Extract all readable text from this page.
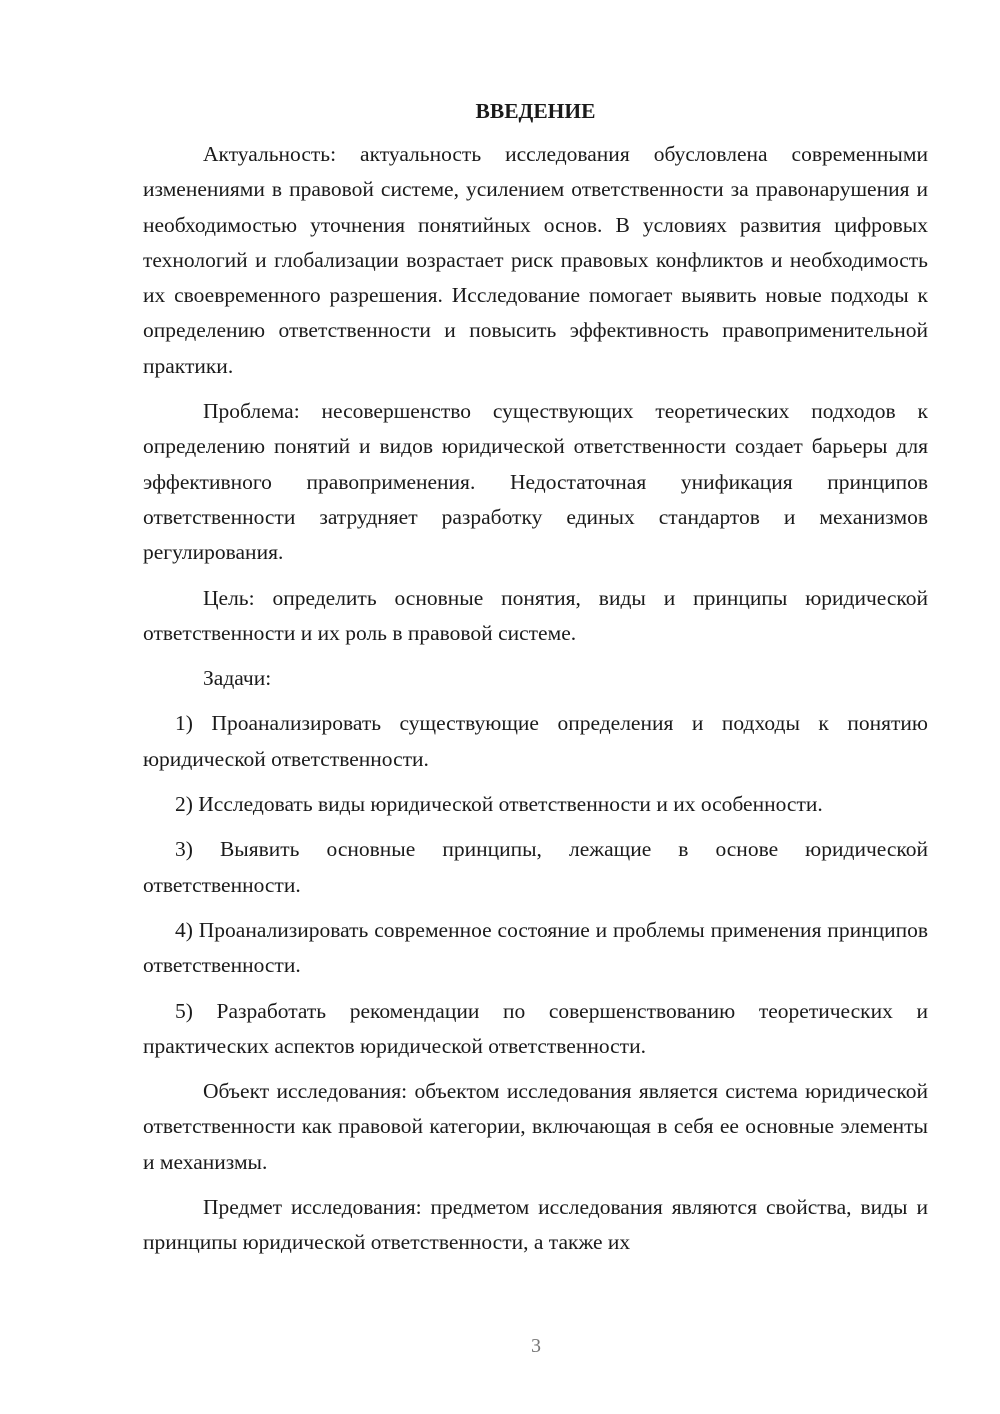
ВВЕДЕНИЕ

Актуальность: актуальность исследования обусловлена современными изменениями в правовой системе, усилением ответственности за правонарушения и необходимостью уточнения понятийных основ. В условиях развития цифровых технологий и глобализации возрастает риск правовых конфликтов и необходимость их своевременного разрешения. Исследование помогает выявить новые подходы к определению ответственности и повысить эффективность правоприменительной практики.

Проблема: несовершенство существующих теоретических подходов к определению понятий и видов юридической ответственности создает барьеры для эффективного правоприменения. Недостаточная унификация принципов ответственности затрудняет разработку единых стандартов и механизмов регулирования.

Цель: определить основные понятия, виды и принципы юридической ответственности и их роль в правовой системе.

Задачи:

1) Проанализировать существующие определения и подходы к понятию юридической ответственности.

2) Исследовать виды юридической ответственности и их особенности.

3) Выявить основные принципы, лежащие в основе юридической ответственности.

4) Проанализировать современное состояние и проблемы применения принципов ответственности.

5) Разработать рекомендации по совершенствованию теоретических и практических аспектов юридической ответственности.

Объект исследования: объектом исследования является система юридической ответственности как правовой категории, включающая в себя ее основные элементы и механизмы.

Предмет исследования: предметом исследования являются свойства, виды и принципы юридической ответственности, а также их

3
